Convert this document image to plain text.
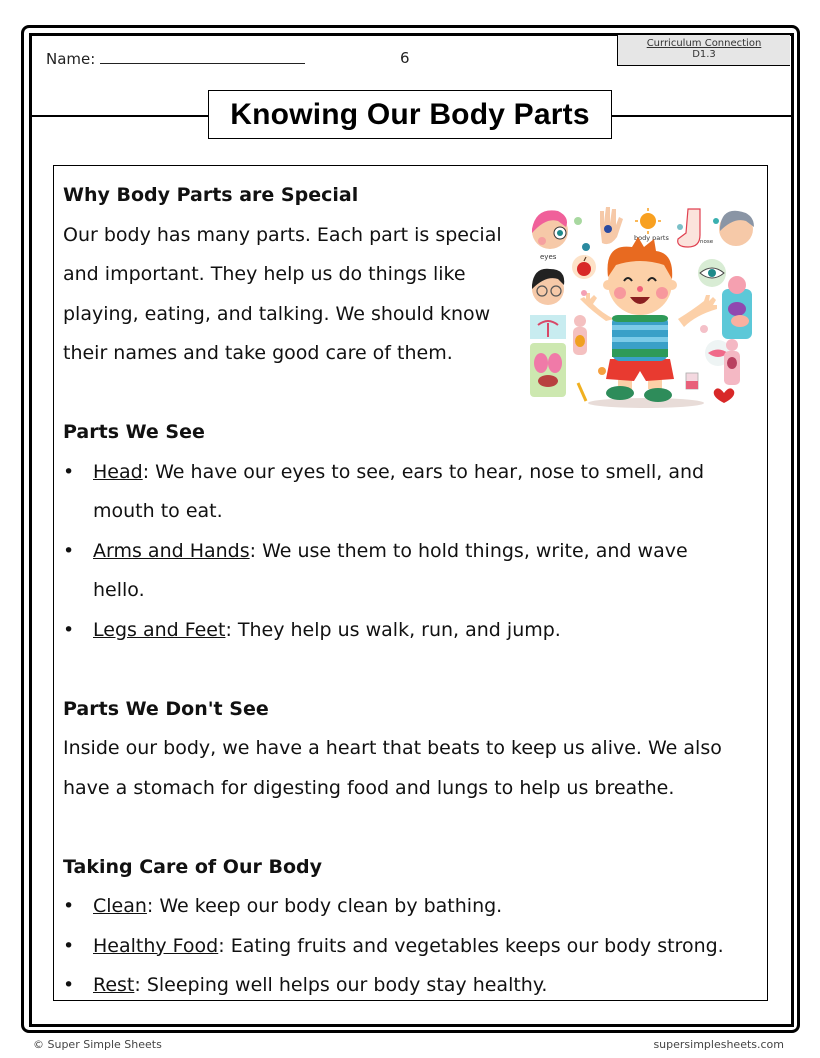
Name:	6
Curriculum Connection
D1.3
Knowing Our Body Parts

Why Body Parts are Special

Our body has many parts. Each part is special

and important. They help us do things like

playing, eating, and talking. We should know

their names and take good care of them.

Parts We See

• Head: We have our eyes to see, ears to hear, nose to smell, and
mouth to eat.
• Arms and Hands: We use them to hold things, write, and wave
hello.
• Legs and Feet: They help us walk, run, and jump.

Parts We Don't See

Inside our body, we have a heart that beats to keep us alive. We also

have a stomach for digesting food and lungs to help us breathe.

Taking Care of Our Body

• Clean: We keep our body clean by bathing.
• Healthy Food: Eating fruits and vegetables keeps our body strong.
• Rest: Sleeping well helps our body stay healthy.
eyes
body parts	nose
© Super Simple Sheets	supersimplesheets.com
